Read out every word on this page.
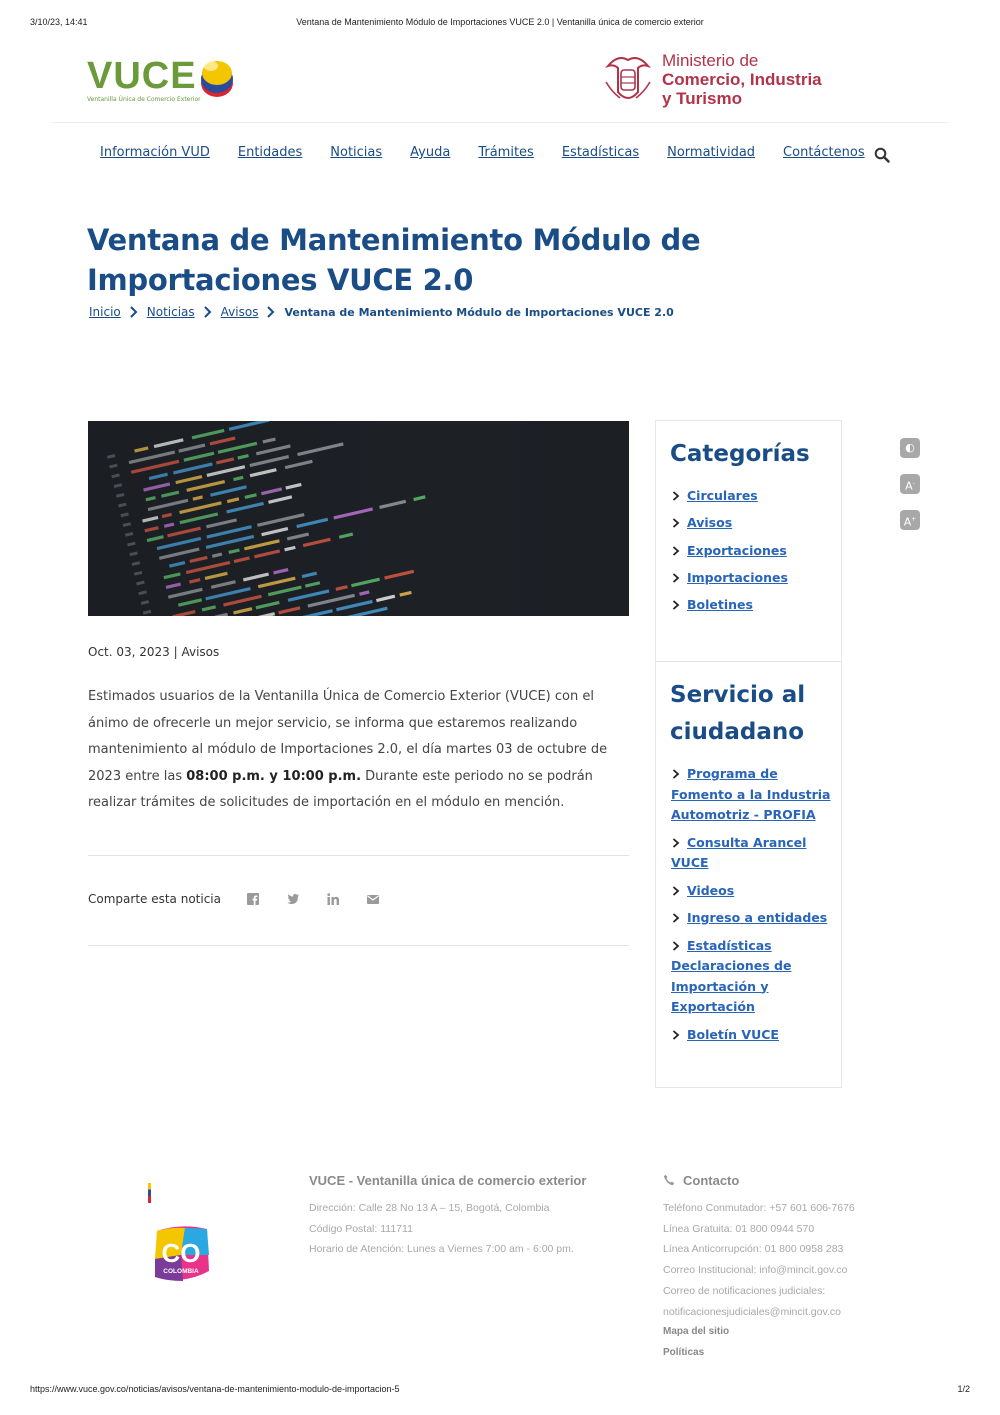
3/10/23, 14:41	Ventana de Mantenimiento Módulo de Importaciones VUCE 2.0 | Ventanilla única de comercio exterior
VUCE
Ventanilla Única de Comercio Exterior
Ministerio de
Comercio, Industria
y Turismo
Información VUD Entidades Noticias Ayuda Trámites Estadísticas Normatividad Contáctenos
Ventana de Mantenimiento Módulo de Importaciones VUCE 2.0
Inicio Noticias Avisos Ventana de Mantenimiento Módulo de Importaciones VUCE 2.0
Oct. 03, 2023 | Avisos

Estimados usuarios de la Ventanilla Única de Comercio Exterior (VUCE) con el ánimo de ofrecerle un mejor servicio, se informa que estaremos realizando mantenimiento al módulo de Importaciones 2.0, el día martes 03 de octubre de 2023 entre las 08:00 p.m. y 10:00 p.m. Durante este periodo no se podrán realizar trámites de solicitudes de importación en el módulo en mención.

Comparte esta noticia
Categorías
Circulares
Avisos
Exportaciones
Importaciones
Boletines
Servicio al ciudadano
Programa de Fomento a la Industria Automotriz - PROFIA
Consulta Arancel VUCE
Videos
Ingreso a entidades
Estadísticas Declaraciones de Importación y Exportación
Boletín VUCE
◐
A-
A+
CO
COLOMBIA
VUCE - Ventanilla única de comercio exterior
Dirección: Calle 28 No 13 A – 15, Bogotá, Colombia
Código Postal: 111711
Horario de Atención: Lunes a Viernes 7:00 am - 6:00 pm.
Contacto
Teléfono Conmutador: +57 601 606-7676
Línea Gratuita: 01 800 0944 570
Línea Anticorrupción: 01 800 0958 283
Correo Institucional: info@mincit.gov.co
Correo de notificaciones judiciales:
notificacionesjudiciales@mincit.gov.co
Mapa del sitio
Políticas
https://www.vuce.gov.co/noticias/avisos/ventana-de-mantenimiento-modulo-de-importacion-5	1/2
